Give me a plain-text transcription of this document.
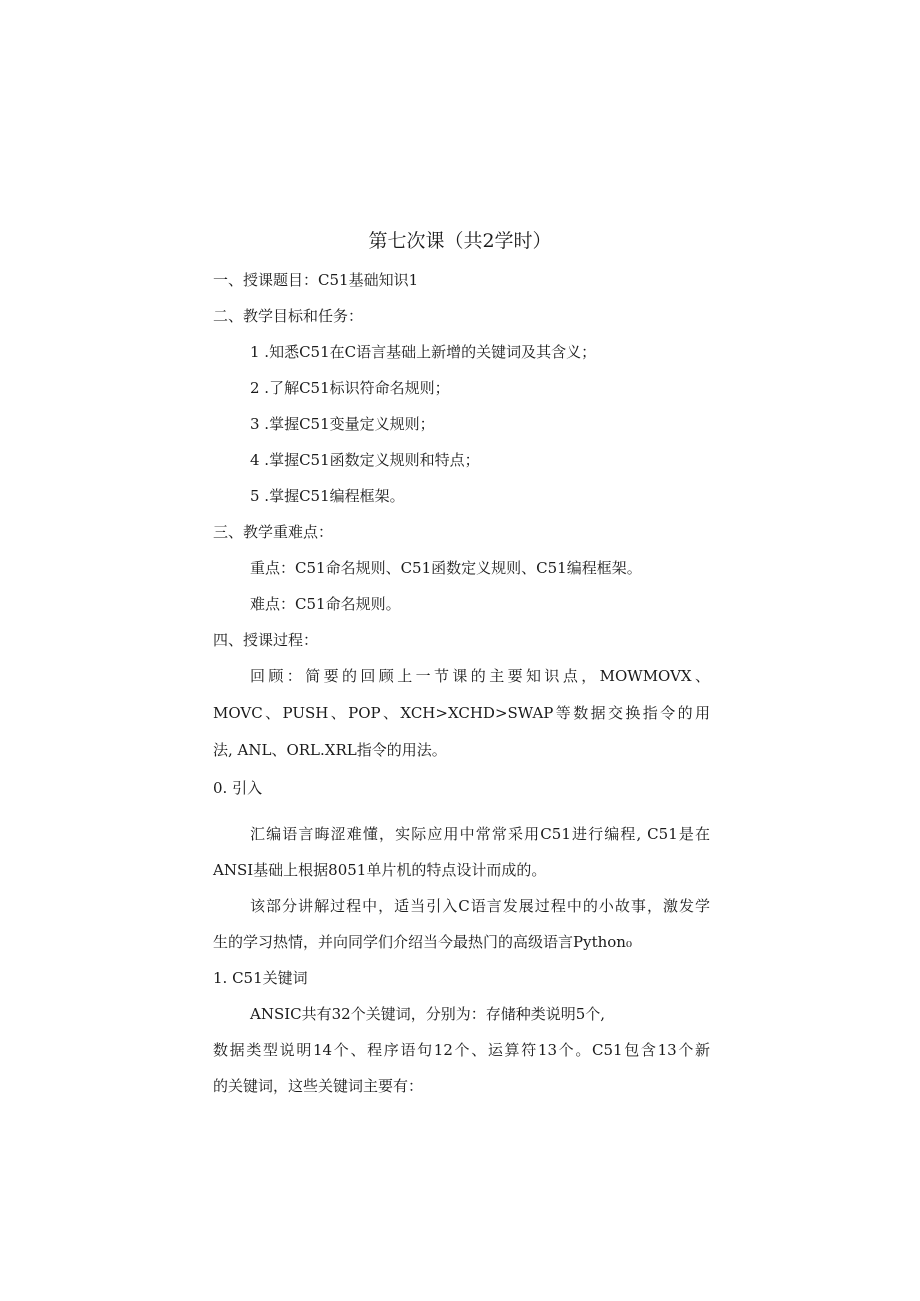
第七次课（共2学时）
一、授课题目：C51基础知识1
二、教学目标和任务：
1 .知悉C51在C语言基础上新增的关键词及其含义；
2 .了解C51标识符命名规则；
3 .掌握C51变量定义规则；
4 .掌握C51函数定义规则和特点；
5 .掌握C51编程框架。
三、教学重难点：
重点：C51命名规则、C51函数定义规则、C51编程框架。
难点：C51命名规则。
四、授课过程：
回顾：简要的回顾上一节课的主要知识点，MOWMOVX、
MOVC、PUSH、POP、XCH>XCHD>SWAP等数据交换指令的用
法, ANL、ORL.XRL指令的用法。
0. 引入
汇编语言晦涩难懂，实际应用中常常采用C51进行编程, C51是在
ANSI基础上根据8051单片机的特点设计而成的。
该部分讲解过程中，适当引入C语言发展过程中的小故事，激发学
生的学习热情，并向同学们介绍当今最热门的高级语言Python₀
1. C51关键词
ANSIC共有32个关键词，分别为：存储种类说明5个,
数据类型说明14个、程序语句12个、运算符13个。C51包含13个新
的关键词，这些关键词主要有：
